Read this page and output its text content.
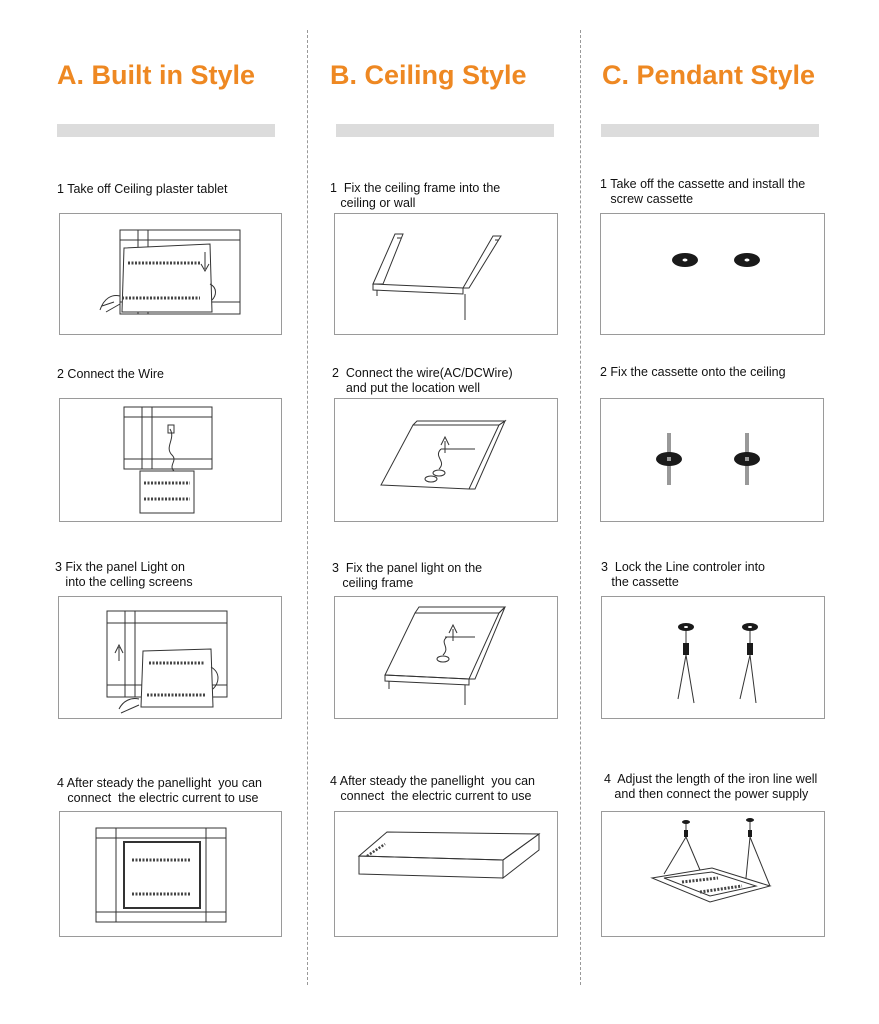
A. Built in Style	B. Ceiling Style	C. Pendant Style
1 Take off Ceiling plaster tablet
2 Connect the Wire
3 Fix the panel Light on
into the celling screens
4 After steady the panellight  you can
connect  the electric current to use
1  Fix the ceiling frame into the
ceiling or wall
2  Connect the wire(AC/DCWire)
and put the location well
3  Fix the panel light on the
ceiling frame
4 After steady the panellight  you can
connect  the electric current to use
1 Take off the cassette and install the
screw cassette
2 Fix the cassette onto the ceiling
3  Lock the Line controler into
the cassette
4  Adjust the length of the iron line well
and then connect the power supply
